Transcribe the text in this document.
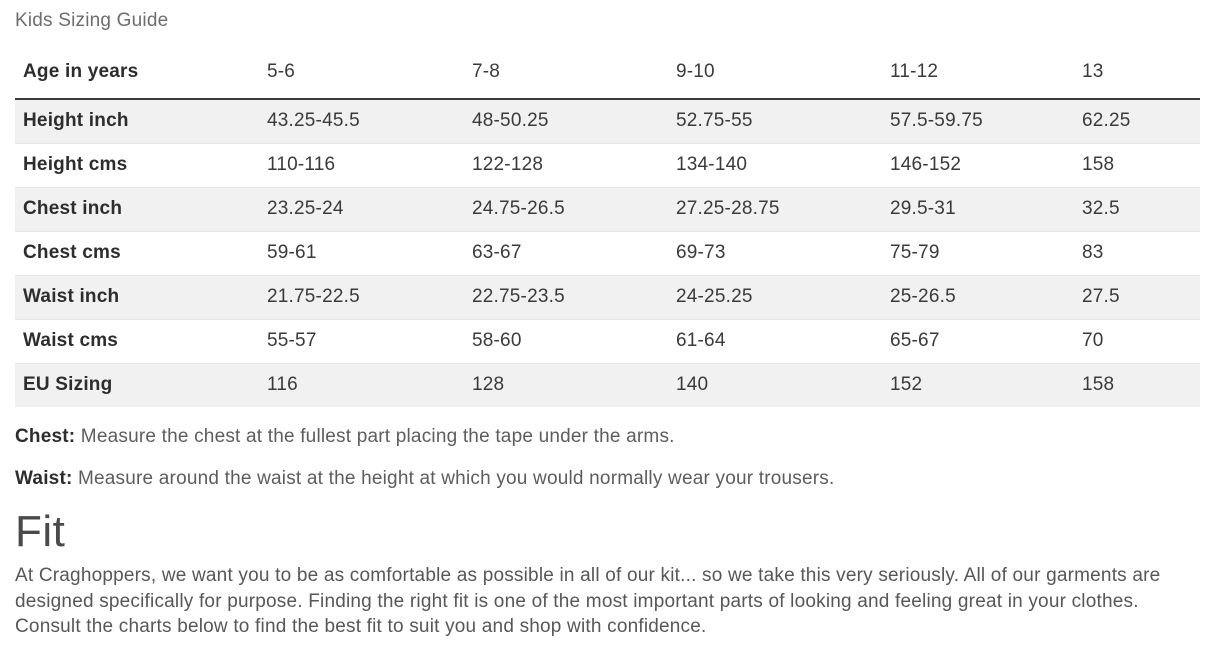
Kids Sizing Guide
Age in years	5-6	7-8	9-10	11-12	13
Height inch	43.25-45.5	48-50.25	52.75-55	57.5-59.75	62.25
Height cms	110-116	122-128	134-140	146-152	158
Chest inch	23.25-24	24.75-26.5	27.25-28.75	29.5-31	32.5
Chest cms	59-61	63-67	69-73	75-79	83
Waist inch	21.75-22.5	22.75-23.5	24-25.25	25-26.5	27.5
Waist cms	55-57	58-60	61-64	65-67	70
EU Sizing	116	128	140	152	158

Chest: Measure the chest at the fullest part placing the tape under the arms.

Waist: Measure around the waist at the height at which you would normally wear your trousers.

Fit

At Craghoppers, we want you to be as comfortable as possible in all of our kit... so we take this very seriously. All of our garments are designed specifically for purpose. Finding the right fit is one of the most important parts of looking and feeling great in your clothes. Consult the charts below to find the best fit to suit you and shop with confidence.
